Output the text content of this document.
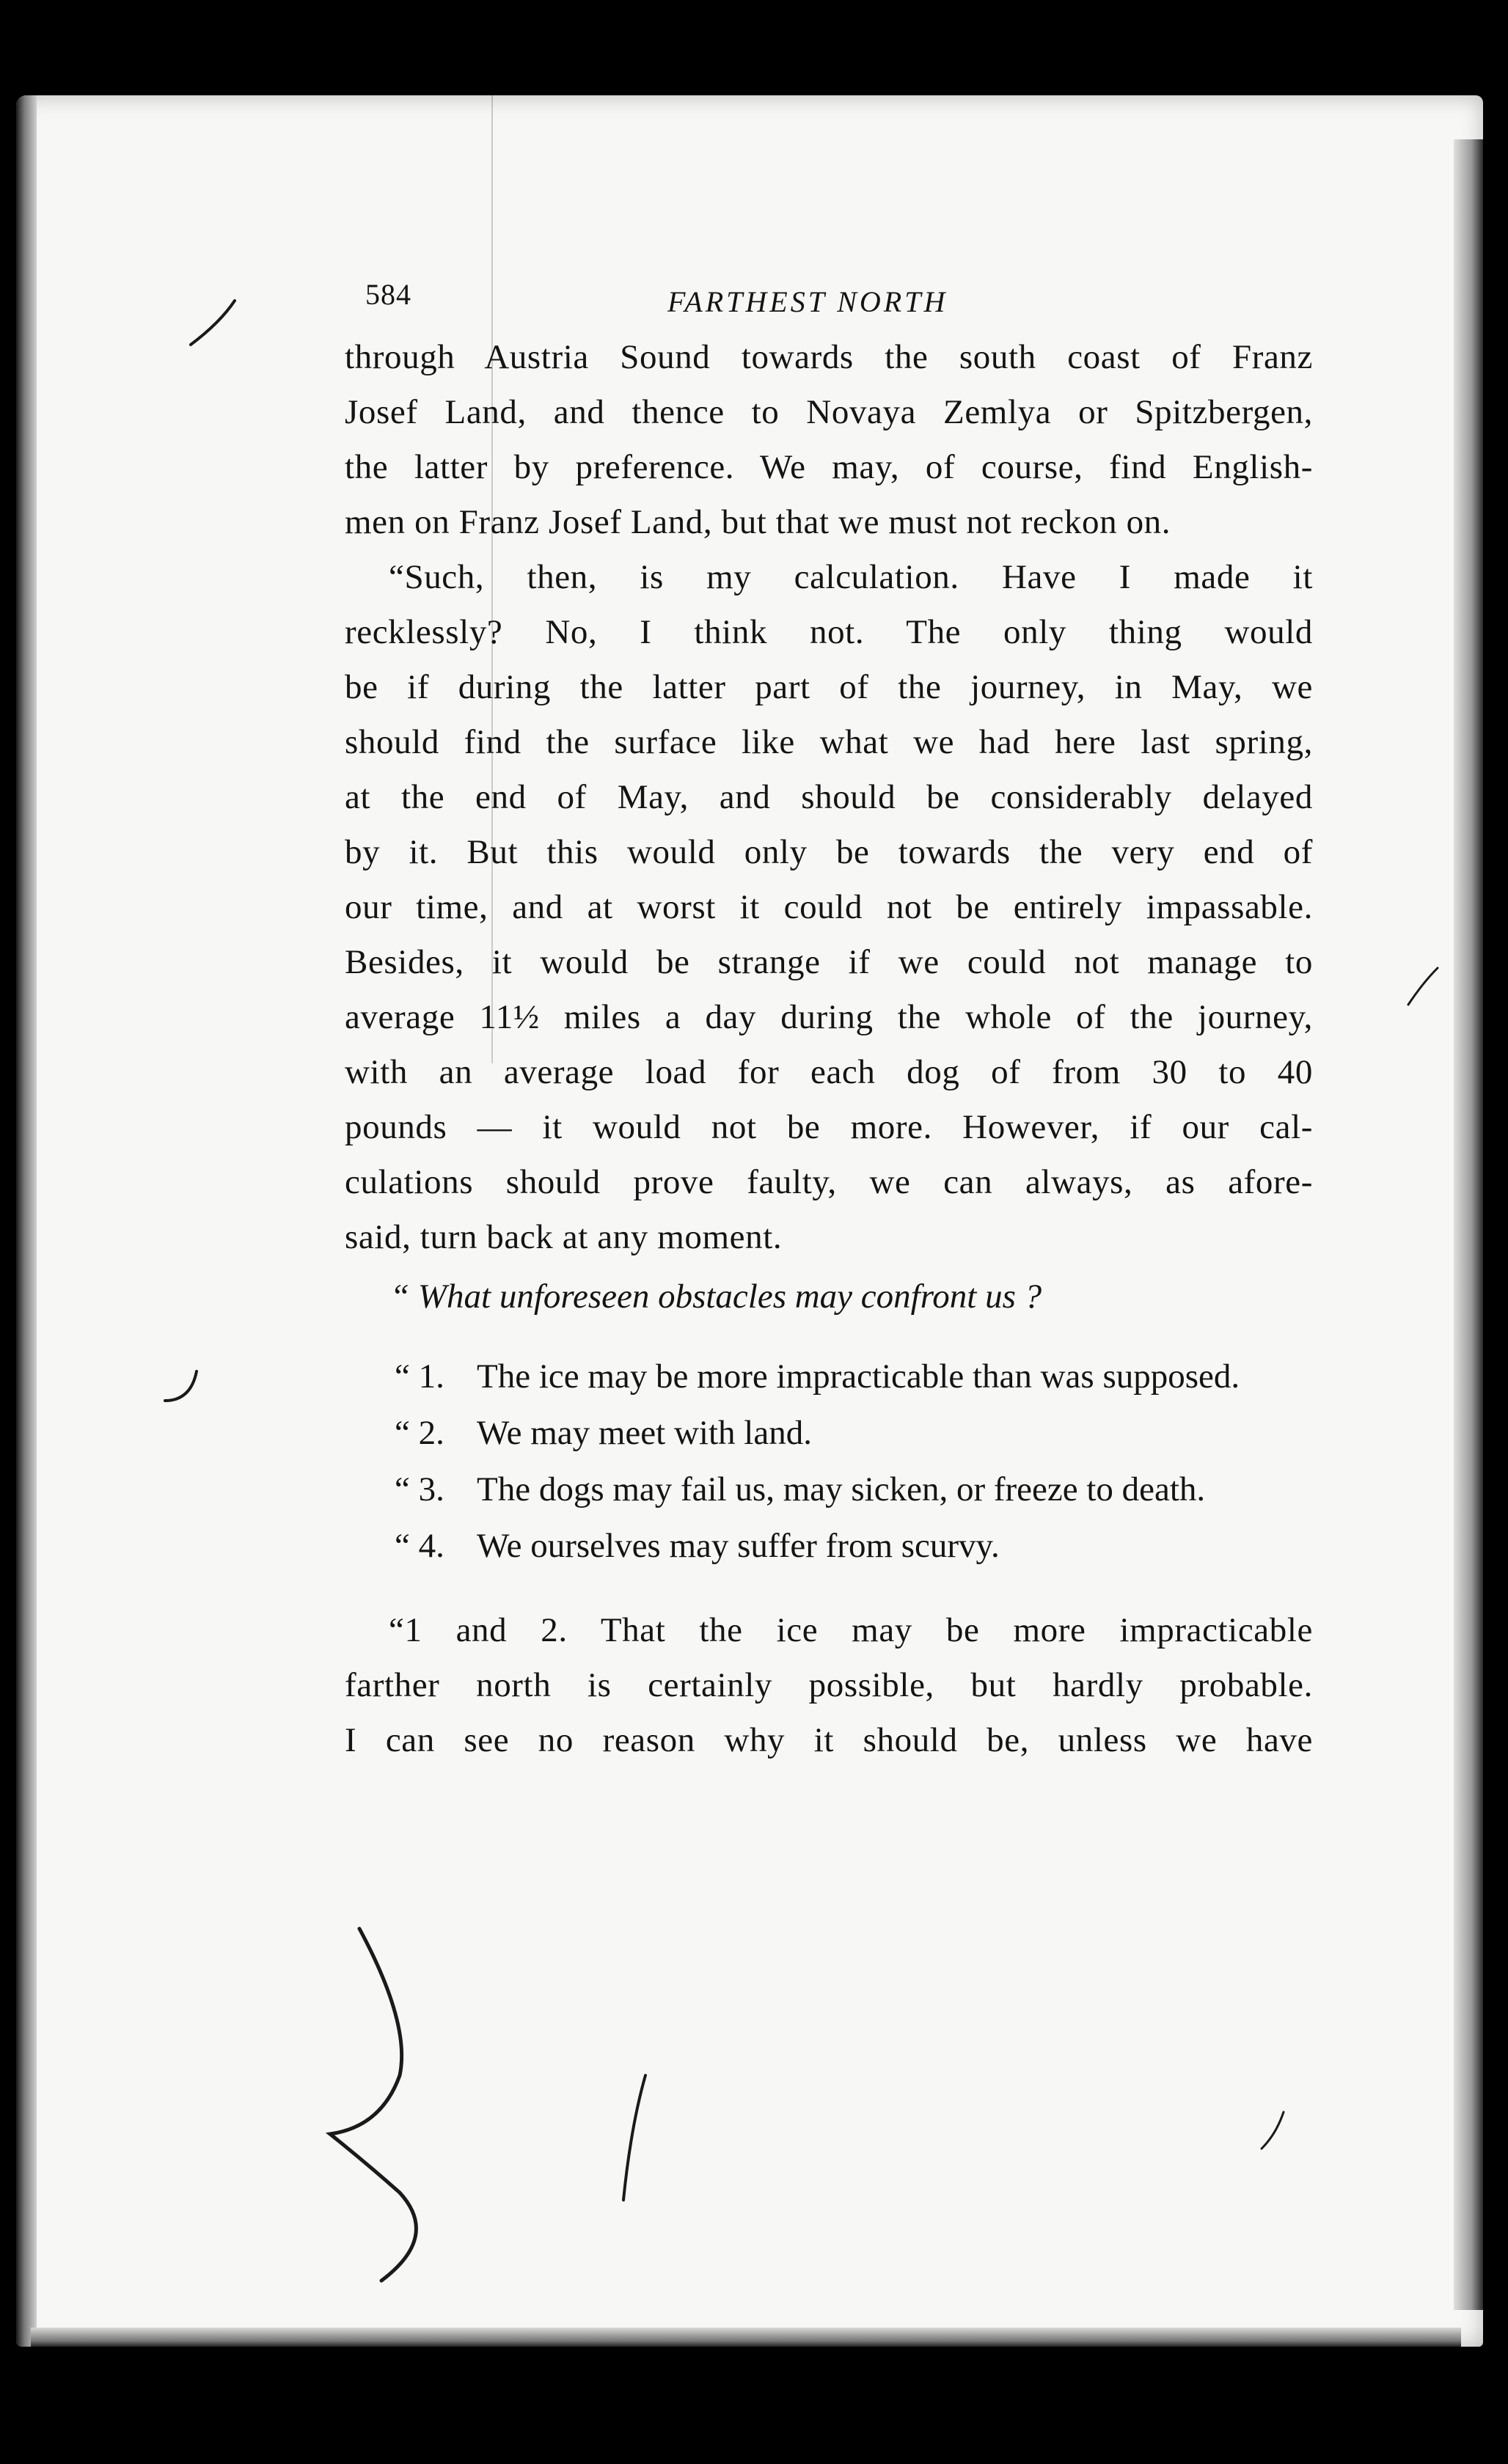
584	FARTHEST NORTH

through Austria Sound towards the south coast of Franz
Josef Land, and thence to Novaya Zemlya or Spitzbergen,
the latter by preference. We may, of course, find English-
men on Franz Josef Land, but that we must not reckon on.

“Such, then, is my calculation. Have I made it
recklessly? No, I think not. The only thing would
be if during the latter part of the journey, in May, we
should find the surface like what we had here last spring,
at the end of May, and should be considerably delayed
by it. But this would only be towards the very end of
our time, and at worst it could not be entirely impassable.
Besides, it would be strange if we could not manage to
average 11½ miles a day during the whole of the journey,
with an average load for each dog of from 30 to 40
pounds — it would not be more. However, if our cal-
culations should prove faulty, we can always, as afore-
said, turn back at any moment.

“ What unforeseen obstacles may confront us ?

“ 1. The ice may be more impracticable than was supposed.
“ 2. We may meet with land.
“ 3. The dogs may fail us, may sicken, or freeze to death.
“ 4. We ourselves may suffer from scurvy.

“1 and 2. That the ice may be more impracticable
farther north is certainly possible, but hardly probable.
I can see no reason why it should be, unless we have
